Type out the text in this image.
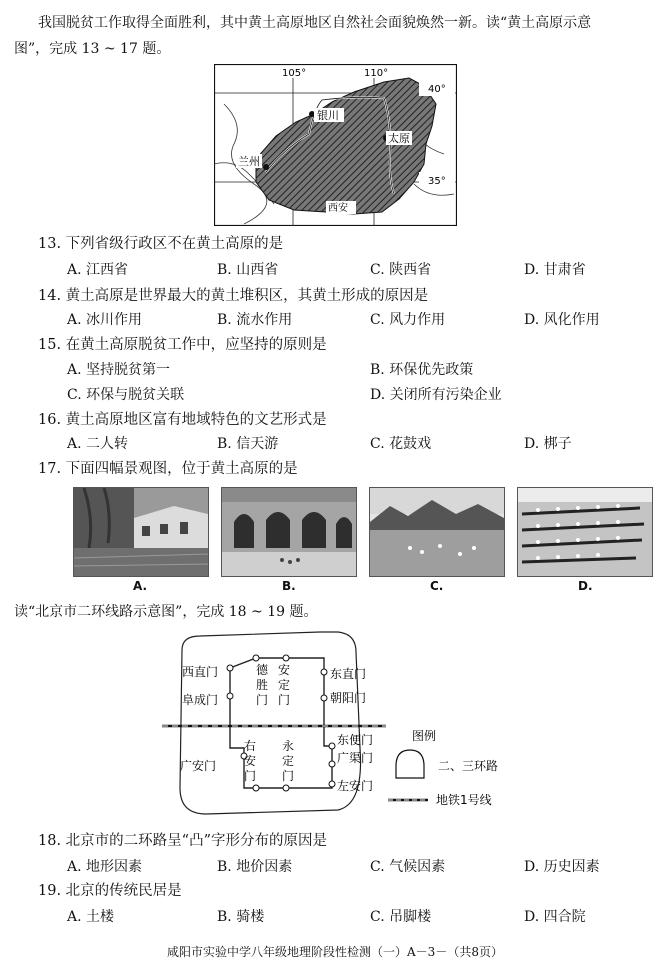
我国脱贫工作取得全面胜利，其中黄土高原地区自然社会面貌焕然一新。读“黄土高原示意
图”，完成 13 ~ 17 题。
105°	110°
40°
35°
银川
太原
兰州
西安
13. 下列省级行政区不在黄土高原的是
A. 江西省	B. 山西省	C. 陕西省	D. 甘肃省
14. 黄土高原是世界最大的黄土堆积区，其黄土形成的原因是
A. 冰川作用	B. 流水作用	C. 风力作用	D. 风化作用
15. 在黄土高原脱贫工作中，应坚持的原则是
A. 坚持脱贫第一	B. 环保优先政策
C. 环保与脱贫关联	D. 关闭所有污染企业
16. 黄土高原地区富有地域特色的文艺形式是
A. 二人转	B. 信天游	C. 花鼓戏	D. 梆子
17. 下面四幅景观图，位于黄土高原的是
A.	B.	C.	D.
读“北京市二环线路示意图”，完成 18 ~ 19 题。
西直门
阜成门
德
胜
门
安
定
门
东直门
朝阳门
东便门
广渠门
左安门
广安门
右
安
门
永
定
门
图例
二、三环路
地铁1号线
18. 北京市的二环路呈“凸”字形分布的原因是
A. 地形因素	B. 地价因素	C. 气候因素	D. 历史因素
19. 北京的传统民居是
A. 土楼	B. 骑楼	C. 吊脚楼	D. 四合院
咸阳市实验中学八年级地理阶段性检测（一）A－3－（共8页）
